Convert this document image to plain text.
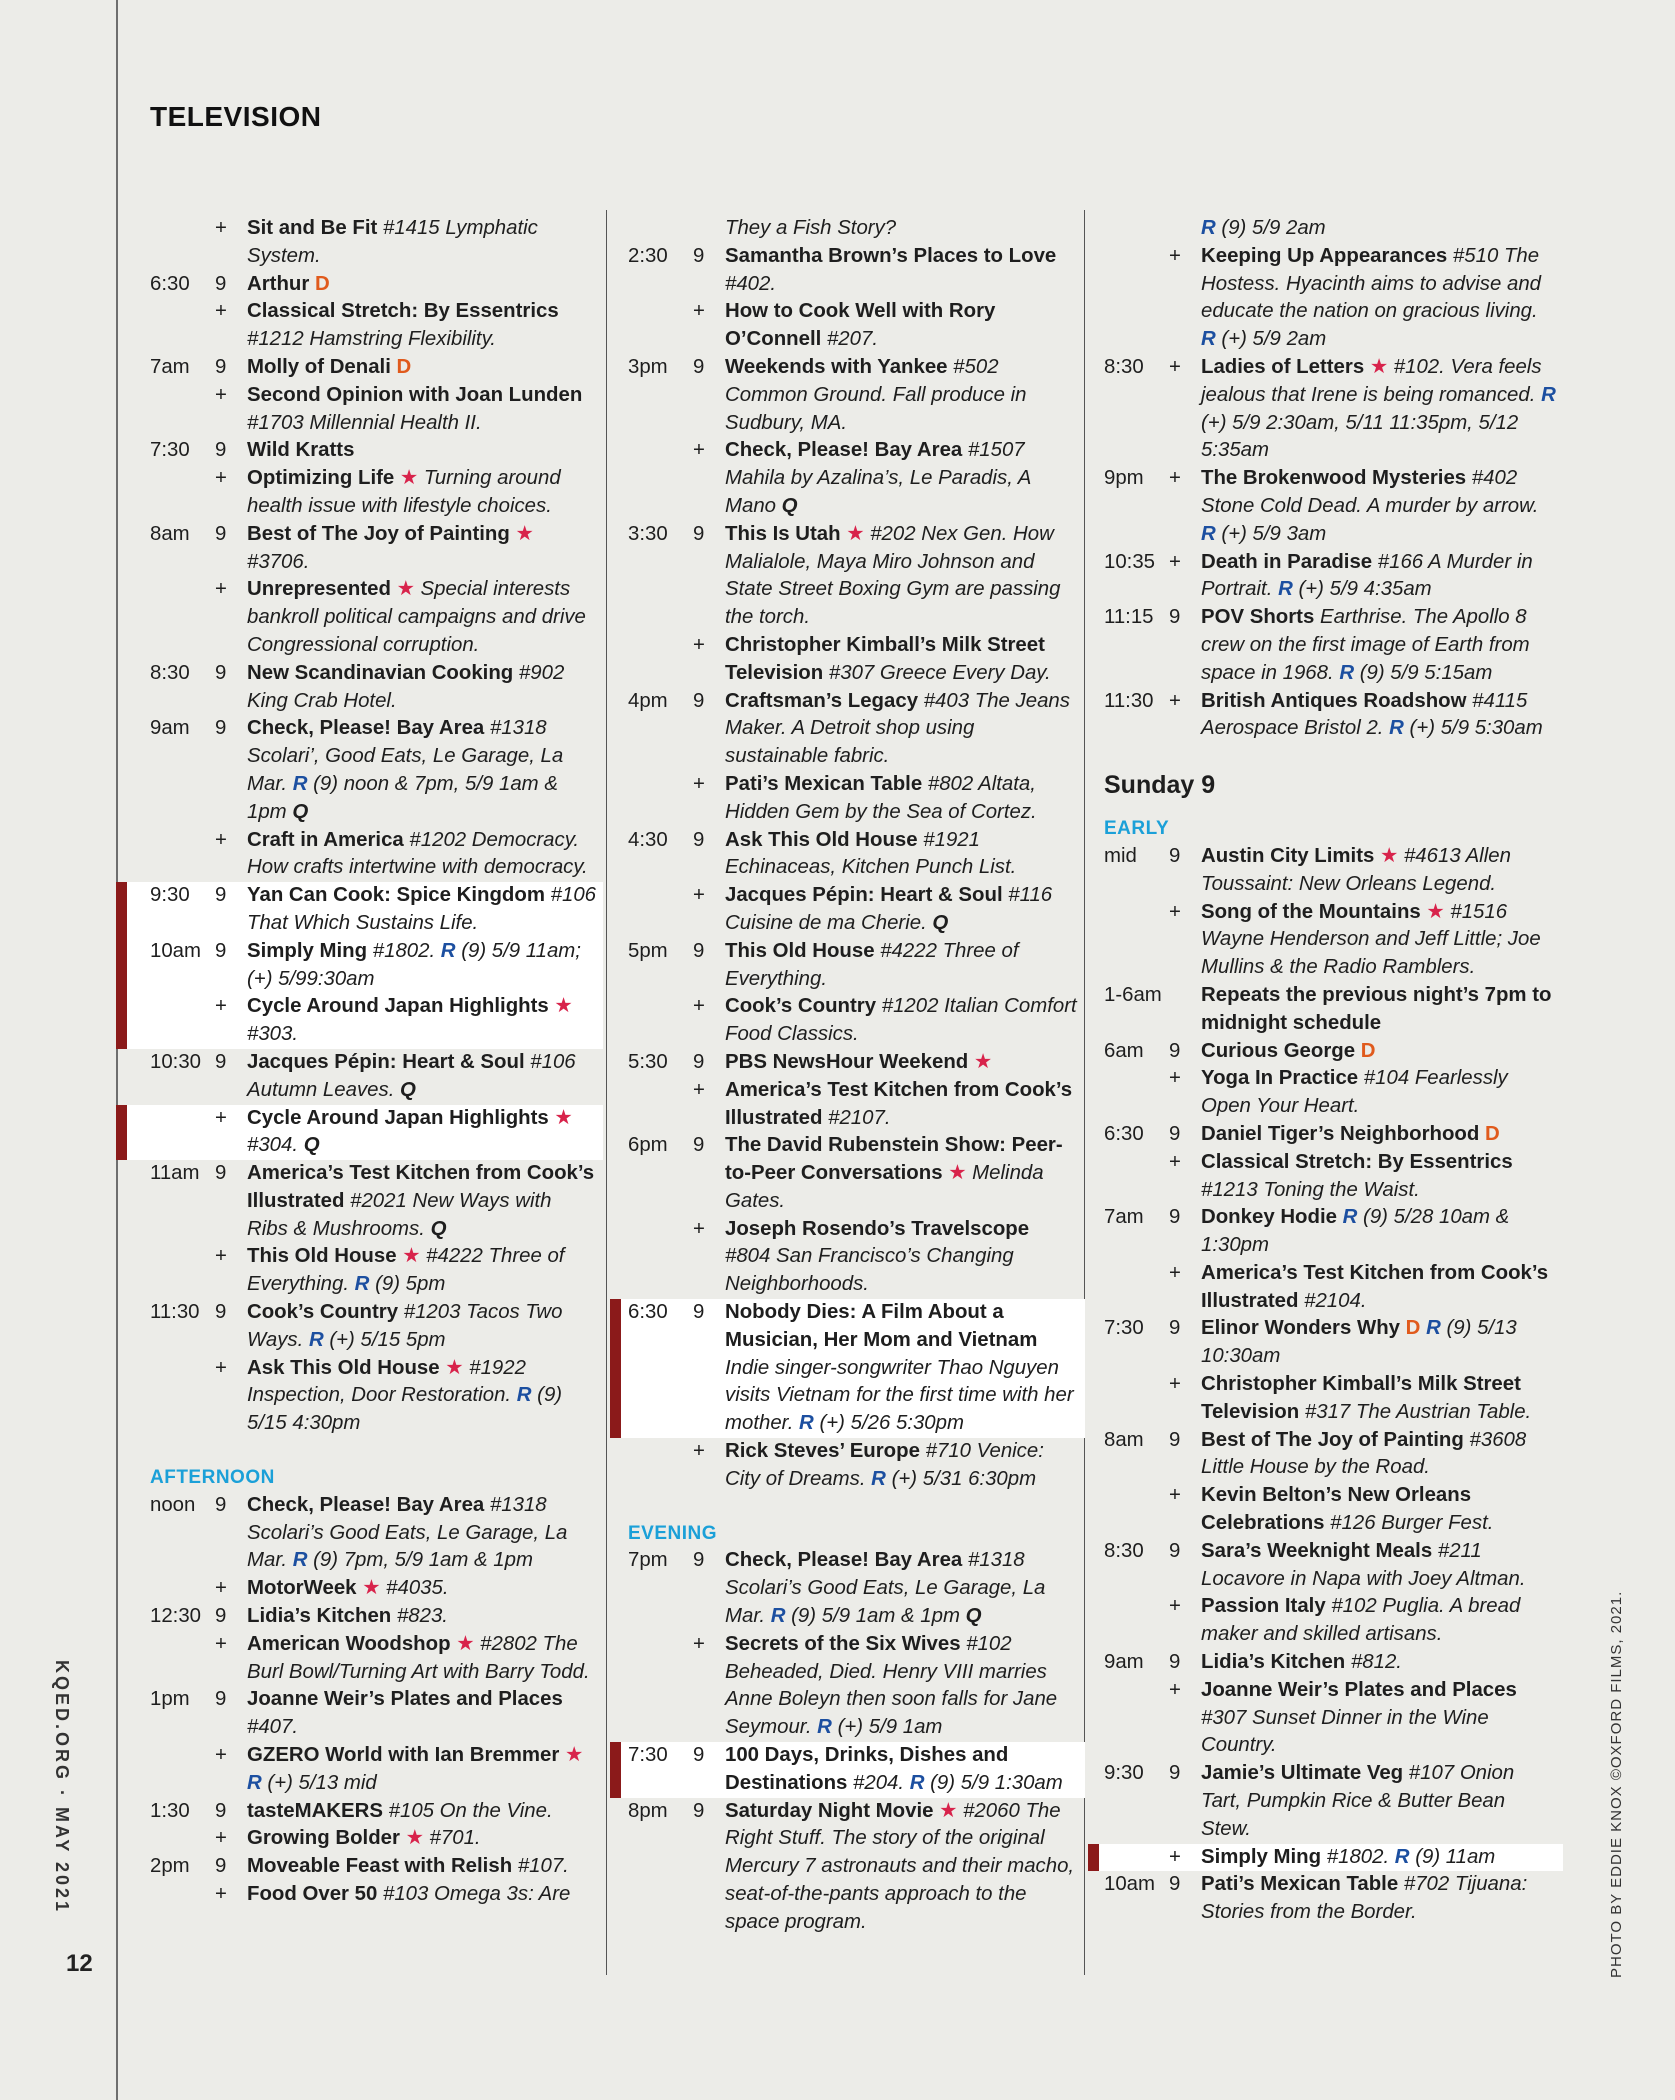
TELEVISION
+ Sit and Be Fit #1415 Lymphatic System.
6:30	9	Arthur D
+ Classical Stretch: By Essentrics #1212 Hamstring Flexibility.
7am	9	Molly of Denali D
+ Second Opinion with Joan Lunden #1703 Millennial Health II.
7:30	9	Wild Kratts
+ Optimizing Life ★ Turning around health issue with lifestyle choices.
8am	9	Best of The Joy of Painting ★ #3706.
+ Unrepresented ★ Special interests bankroll political campaigns and drive Congressional corruption.
8:30	9	New Scandinavian Cooking #902 King Crab Hotel.
9am	9	Check, Please! Bay Area #1318 Scolari’, Good Eats, Le Garage, La Mar. R (9) noon & 7pm, 5/9 1am & 1pm Q
+ Craft in America #1202 Democracy. How crafts intertwine with democracy.
9:30	9	Yan Can Cook: Spice Kingdom #106 That Which Sustains Life.
10am 9	Simply Ming #1802. R (9) 5/9 11am; (+) 5/99:30am
+ Cycle Around Japan Highlights ★ #303.
10:30 9	Jacques Pépin: Heart & Soul #106 Autumn Leaves. Q
+ Cycle Around Japan Highlights ★ #304. Q
11am 9	America’s Test Kitchen from Cook’s Illustrated #2021 New Ways with Ribs & Mushrooms. Q
+ This Old House ★ #4222 Three of Everything. R (9) 5pm
11:30 9	Cook’s Country #1203 Tacos Two Ways. R (+) 5/15 5pm
+ Ask This Old House ★ #1922 Inspection, Door Restoration. R (9) 5/15 4:30pm
AFTERNOON
noon 9	Check, Please! Bay Area #1318 Scolari’s Good Eats, Le Garage, La Mar. R (9) 7pm, 5/9 1am & 1pm
+ MotorWeek ★ #4035.
12:30 9	Lidia’s Kitchen #823.
+ American Woodshop ★ #2802 The Burl Bowl/Turning Art with Barry Todd.
1pm	9	Joanne Weir’s Plates and Places #407.
+ GZERO World with Ian Bremmer ★ R (+) 5/13 mid
1:30	9	tasteMAKERS #105 On the Vine.
+ Growing Bolder ★ #701.
2pm	9	Moveable Feast with Relish #107.
+ Food Over 50 #103 Omega 3s: Are
They a Fish Story?
2:30	9	Samantha Brown’s Places to Love #402.
+ How to Cook Well with Rory O’Connell #207.
3pm	9	Weekends with Yankee #502 Common Ground. Fall produce in Sudbury, MA.
+ Check, Please! Bay Area #1507 Mahila by Azalina’s, Le Paradis, A Mano Q
3:30	9	This Is Utah ★ #202 Nex Gen. How Malialole, Maya Miro Johnson and State Street Boxing Gym are passing the torch.
+ Christopher Kimball’s Milk Street Television #307 Greece Every Day.
4pm	9	Craftsman’s Legacy #403 The Jeans Maker. A Detroit shop using sustainable fabric.
+ Pati’s Mexican Table #802 Altata, Hidden Gem by the Sea of Cortez.
4:30	9	Ask This Old House #1921 Echinaceas, Kitchen Punch List.
+ Jacques Pépin: Heart & Soul #116 Cuisine de ma Cherie. Q
5pm	9	This Old House #4222 Three of Everything.
+ Cook’s Country #1202 Italian Comfort Food Classics.
5:30	9	PBS NewsHour Weekend ★
+ America’s Test Kitchen from Cook’s Illustrated #2107.
6pm	9	The David Rubenstein Show: Peer-to-Peer Conversations ★ Melinda Gates.
+ Joseph Rosendo’s Travelscope #804 San Francisco’s Changing Neighborhoods.
6:30	9	Nobody Dies: A Film About a Musician, Her Mom and Vietnam Indie singer-songwriter Thao Nguyen visits Vietnam for the first time with her mother. R (+) 5/26 5:30pm
+ Rick Steves’ Europe #710 Venice: City of Dreams. R (+) 5/31 6:30pm
EVENING
7pm	9	Check, Please! Bay Area #1318 Scolari’s Good Eats, Le Garage, La Mar. R (9) 5/9 1am & 1pm Q
+ Secrets of the Six Wives #102 Beheaded, Died. Henry VIII marries Anne Boleyn then soon falls for Jane Seymour. R (+) 5/9 1am
7:30	9	100 Days, Drinks, Dishes and Destinations #204. R (9) 5/9 1:30am
8pm	9	Saturday Night Movie ★ #2060 The Right Stuff. The story of the original Mercury 7 astronauts and their macho, seat-of-the-pants approach to the space program.
R (9) 5/9 2am
+ Keeping Up Appearances #510 The Hostess. Hyacinth aims to advise and educate the nation on gracious living. R (+) 5/9 2am
8:30	+ Ladies of Letters ★ #102. Vera feels jealous that Irene is being romanced. R (+) 5/9 2:30am, 5/11 11:35pm, 5/12 5:35am
9pm	+ The Brokenwood Mysteries #402 Stone Cold Dead. A murder by arrow. R (+) 5/9 3am
10:35 + Death in Paradise #166 A Murder in Portrait. R (+) 5/9 4:35am
11:15 9	POV Shorts Earthrise. The Apollo 8 crew on the first image of Earth from space in 1968. R (9) 5/9 5:15am
11:30 + British Antiques Roadshow #4115 Aerospace Bristol 2. R (+) 5/9 5:30am
Sunday 9
EARLY
mid	9	Austin City Limits ★ #4613 Allen Toussaint: New Orleans Legend.
+ Song of the Mountains ★ #1516 Wayne Henderson and Jeff Little; Joe Mullins & the Radio Ramblers.
1-6am	Repeats the previous night’s 7pm to midnight schedule
6am	9	Curious George D
+ Yoga In Practice #104 Fearlessly Open Your Heart.
6:30	9	Daniel Tiger’s Neighborhood D
+ Classical Stretch: By Essentrics #1213 Toning the Waist.
7am	9	Donkey Hodie R (9) 5/28 10am & 1:30pm
+ America’s Test Kitchen from Cook’s Illustrated #2104.
7:30	9	Elinor Wonders Why D R (9) 5/13 10:30am
+ Christopher Kimball’s Milk Street Television #317 The Austrian Table.
8am	9	Best of The Joy of Painting #3608 Little House by the Road.
+ Kevin Belton’s New Orleans Celebrations #126 Burger Fest.
8:30	9	Sara’s Weeknight Meals #211 Locavore in Napa with Joey Altman.
+ Passion Italy #102 Puglia. A bread maker and skilled artisans.
9am	9	Lidia’s Kitchen #812.
+ Joanne Weir’s Plates and Places #307 Sunset Dinner in the Wine Country.
9:30	9	Jamie’s Ultimate Veg #107 Onion Tart, Pumpkin Rice & Butter Bean Stew.
+ Simply Ming #1802. R (9) 11am
10am 9	Pati’s Mexican Table #702 Tijuana: Stories from the Border.
KQED.ORG · MAY 2021
12	PHOTO BY EDDIE KNOX ©OXFORD FILMS, 2021.
